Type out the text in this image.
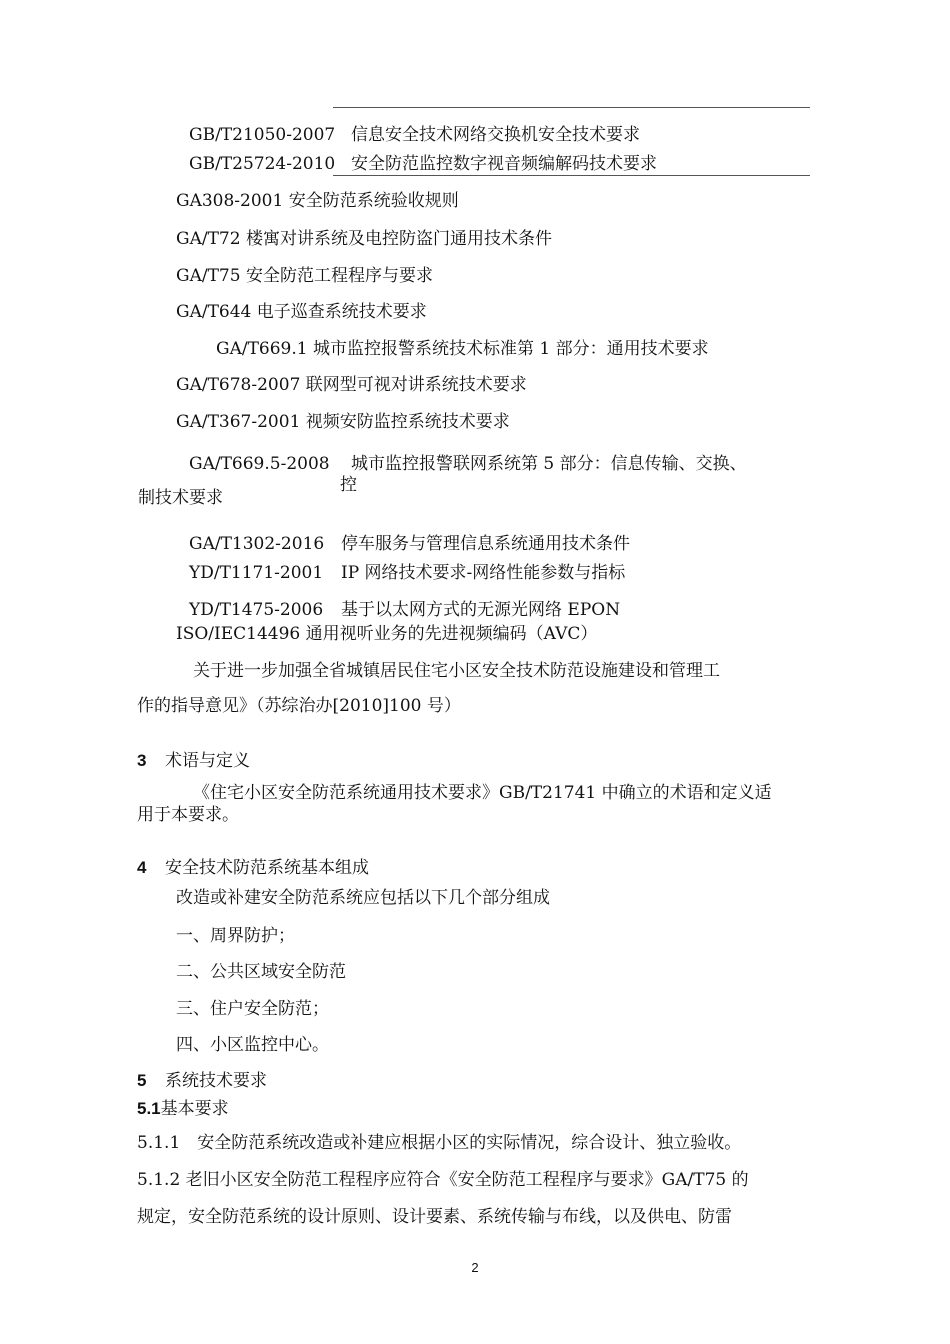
GB/T21050-2007 信息安全技术网络交换机安全技术要求
GB/T25724-2010 安全防范监控数字视音频编解码技术要求
GA308-2001 安全防范系统验收规则
GA/T72 楼寓对讲系统及电控防盗门通用技术条件
GA/T75 安全防范工程程序与要求
GA/T644 电子巡查系统技术要求
GA/T669.1 城市监控报警系统技术标准第 1 部分：通用技术要求
GA/T678-2007 联网型可视对讲系统技术要求
GA/T367-2001 视频安防监控系统技术要求
GA/T669.5-2008 城市监控报警联网系统第 5 部分：信息传输、交换、
控
制技术要求
GA/T1302-2016 停车服务与管理信息系统通用技术条件
YD/T1171-2001 IP 网络技术要求-网络性能参数与指标
YD/T1475-2006 基于以太网方式的无源光网络 EPON
ISO/IEC14496 通用视听业务的先进视频编码（AVC）
关于进一步加强全省城镇居民住宅小区安全技术防范设施建设和管理工
作的指导意见》（苏综治办[2010]100 号）
3 术语与定义
《住宅小区安全防范系统通用技术要求》GB/T21741 中确立的术语和定义适
用于本要求。
4 安全技术防范系统基本组成
改造或补建安全防范系统应包括以下几个部分组成
一、周界防护；
二、公共区域安全防范
三、住户安全防范；
四、小区监控中心。
5 系统技术要求
5.1基本要求
5.1.1　安全防范系统改造或补建应根据小区的实际情况，综合设计、独立验收。
5.1.2 老旧小区安全防范工程程序应符合《安全防范工程程序与要求》GA/T75 的
规定，安全防范系统的设计原则、设计要素、系统传输与布线，以及供电、防雷
2
